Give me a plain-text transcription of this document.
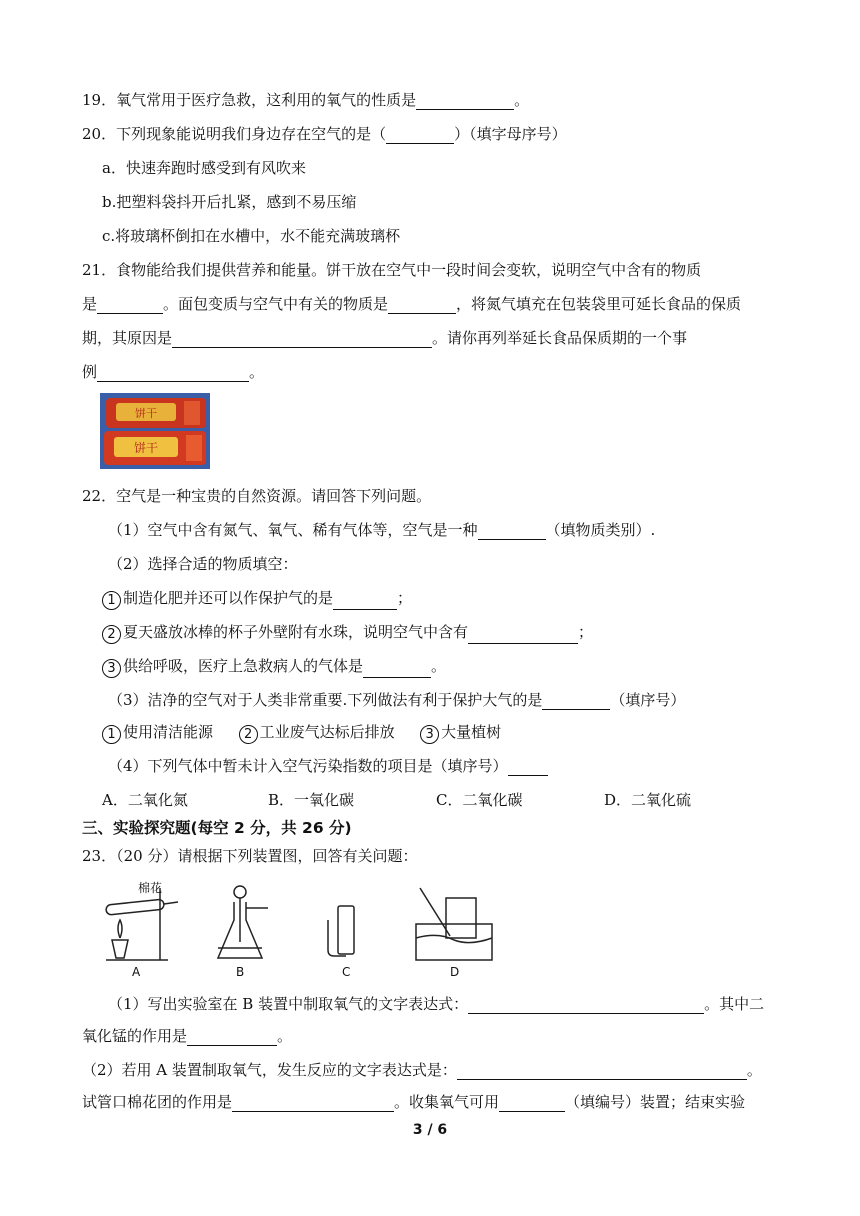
19．氧气常用于医疗急救，这利用的氧气的性质是	。
20．下列现象能说明我们身边存在空气的是（	）（填字母序号）
a．快速奔跑时感受到有风吹来
b.把塑料袋抖开后扎紧，感到不易压缩
c.将玻璃杯倒扣在水槽中，水不能充满玻璃杯
21．食物能给我们提供营养和能量。饼干放在空气中一段时间会变软，说明空气中含有的物质
是	。面包变质与空气中有关的物质是	，将氮气填充在包装袋里可延长食品的保质
期，其原因是	。请你再列举延长食品保质期的一个事
例	。
饼干
饼干
22．空气是一种宝贵的自然资源。请回答下列问题。
（1）空气中含有氮气、氧气、稀有气体等，空气是一种	（填物质类别）.
（2）选择合适的物质填空：
1 制造化肥并还可以作保护气的是	；
2 夏天盛放冰棒的杯子外壁附有水珠，说明空气中含有	；
3 供给呼吸，医疗上急救病人的气体是	。
（3）洁净的空气对于人类非常重要.下列做法有利于保护大气的是	（填序号）
1 使用清洁能源 2 工业废气达标后排放 3 大量植树
（4）下列气体中暂未计入空气污染指数的项目是（填序号）
A．二氧化氮	B．一氧化碳	C．二氧化碳	D．二氧化硫
三、实验探究题(每空 2 分，共 26 分)
23．（20 分）请根据下列装置图，回答有关问题：
棉花
A	B	C	D
（1）写出实验室在 B 装置中制取氧气的文字表达式：	。其中二
氧化锰的作用是	。
（2）若用 A 装置制取氧气，发生反应的文字表达式是：	。
试管口棉花团的作用是	。收集氧气可用	（填编号）装置；结束实验
3 / 6
